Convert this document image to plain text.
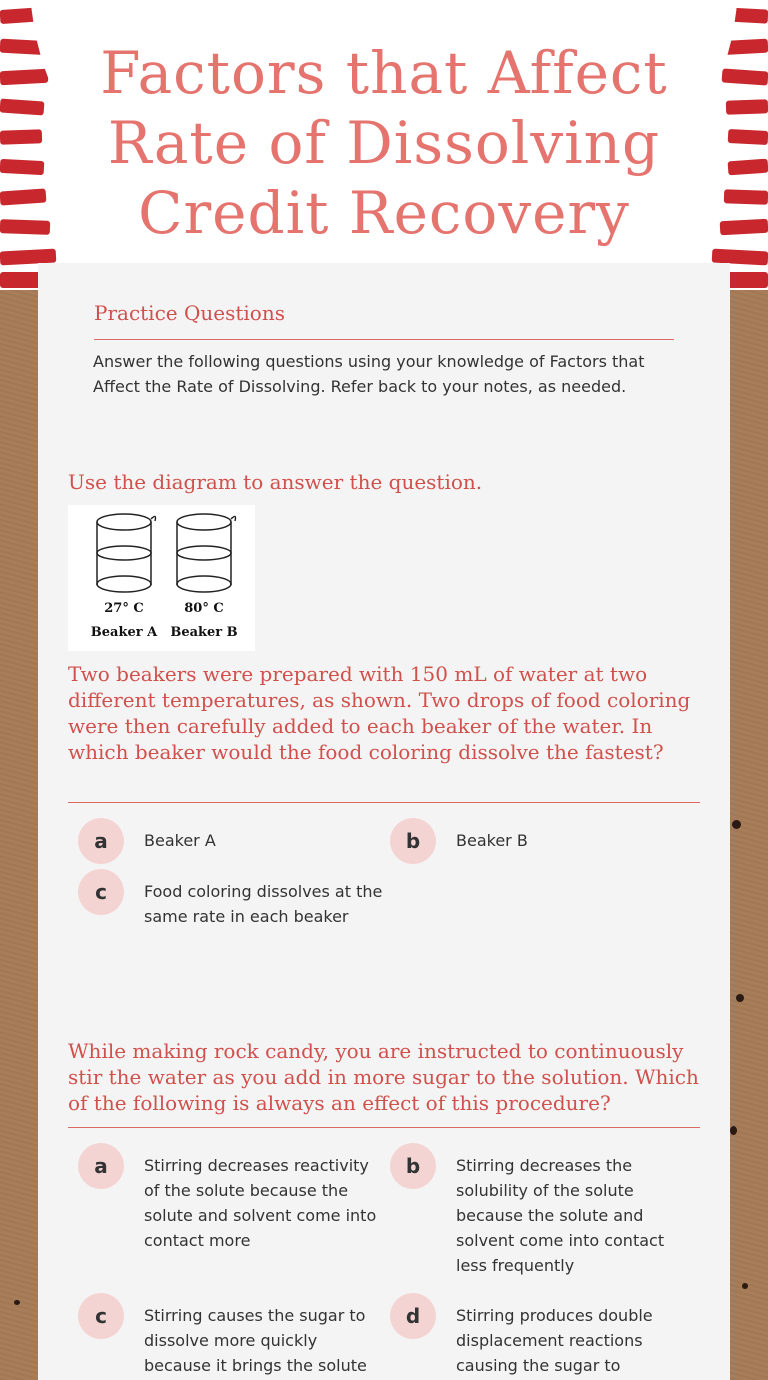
Factors that Affect
Rate of Dissolving
Credit Recovery
Practice Questions
Answer the following questions using your knowledge of Factors that Affect the Rate of Dissolving. Refer back to your notes, as needed.
Use the diagram to answer the question.
27° C	80° C
Beaker A	Beaker B
Two beakers were prepared with 150 mL of water at two different temperatures, as shown. Two drops of food coloring were then carefully added to each beaker of the water. In which beaker would the food coloring dissolve the fastest?
a	Beaker A	b	Beaker B
c	Food coloring dissolves at the same rate in each beaker
While making rock candy, you are instructed to continuously stir the water as you add in more sugar to the solution. Which of the following is always an effect of this procedure?
a	Stirring decreases reactivity of the solute because the solute and solvent come into contact more
b	Stirring decreases the solubility of the solute because the solute and solvent come into contact less frequently
c	Stirring causes the sugar to dissolve more quickly because it brings the solute
d	Stirring produces double displacement reactions causing the sugar to
